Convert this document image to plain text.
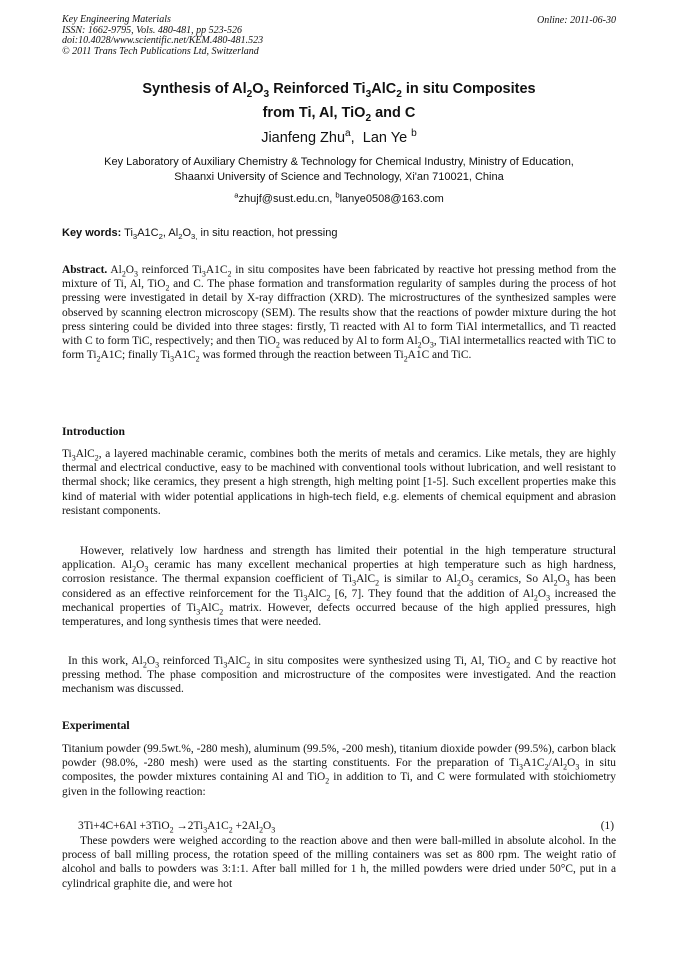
Key Engineering Materials
ISSN: 1662-9795, Vols. 480-481, pp 523-526
doi:10.4028/www.scientific.net/KEM.480-481.523
© 2011 Trans Tech Publications Ltd, Switzerland
Online: 2011-06-30
Synthesis of $Al_2O_3$ Reinforced $Ti_3AlC_2$ in situ Composites
from Ti, Al, TiO$_2$ and C
Jianfeng Zhu$^a$,  Lan Ye $^b$
Key Laboratory of Auxiliary Chemistry & Technology for Chemical Industry, Ministry of Education,
Shaanxi University of Science and Technology, Xi'an 710021, China
$^a$zhujf@sust.edu.cn, $^b$lanye0508@163.com
Key words: $Ti_3A1C_2$, $Al_2O_{3,}$ in situ reaction, hot pressing
Abstract. $Al_2O_3$ reinforced $Ti_3A1C_2$ in situ composites have been fabricated by reactive hot pressing method from the mixture of Ti, Al, TiO$_2$ and C. The phase formation and transformation regularity of samples during the process of hot pressing were investigated in detail by X-ray diffraction (XRD). The microstructures of the synthesized samples were observed by scanning electron microscopy (SEM). The results show that the reactions of powder mixture during the hot press sintering could be divided into three stages: firstly, Ti reacted with Al to form TiAl intermetallics, and Ti reacted with C to form TiC, respectively; and then TiO$_2$ was reduced by Al to form $Al_2O_3$, TiAl intermetallics reacted with TiC to form $Ti_2A1C$; finally $Ti_3A1C_2$ was formed through the reaction between $Ti_2A1C$ and TiC.
Introduction
$Ti_3AlC_2$, a layered machinable ceramic, combines both the merits of metals and ceramics. Like metals, they are highly thermal and electrical conductive, easy to be machined with conventional tools without lubrication, and well resistant to thermal shock; like ceramics, they present a high strength, high melting point [1-5]. Such excellent properties make this kind of material with wider potential applications in high-tech field, e.g. elements of chemical equipment and abrasion resistant components.
However, relatively low hardness and strength has limited their potential in the high temperature structural application. $Al_2O_3$ ceramic has many excellent mechanical properties at high temperature such as high hardness, corrosion resistance. The thermal expansion coefficient of $Ti_3AlC_2$ is similar to $Al_2O_3$ ceramics, So $Al_2O_3$ has been considered as an effective reinforcement for the $Ti_3AlC_2$ [6, 7]. They found that the addition of $Al_2O_3$ increased the mechanical properties of $Ti_3AlC_2$ matrix. However, defects occurred because of the high applied pressures, high temperatures, and long synthesis times that were needed.
In this work, $Al_2O_3$ reinforced $Ti_3AlC_2$ in situ composites were synthesized using Ti, Al, TiO$_2$ and C by reactive hot pressing method. The phase composition and microstructure of the composites were investigated. And the reaction mechanism was discussed.
Experimental
Titanium powder (99.5wt.%, -280 mesh), aluminum (99.5%, -200 mesh), titanium dioxide powder (99.5%), carbon black powder (98.0%, -280 mesh) were used as the starting constituents. For the preparation of $Ti_3A1C_2/Al_2O_3$ in situ composites, the powder mixtures containing Al and TiO$_2$ in addition to Ti, and C were formulated with stoichiometry given in the following reaction:
$3Ti+4C+6Al +3TiO_2 \to 2Ti_3A1C_2 +2Al_2O_3$	(1)
These powders were weighed according to the reaction above and then were ball-milled in absolute alcohol. In the process of ball milling process, the rotation speed of the milling containers was set as 800 rpm. The weight ratio of alcohol and balls to powders was 3:1:1. After ball milled for 1 h, the milled powders were dried under 50°C, put in a cylindrical graphite die, and were hot
